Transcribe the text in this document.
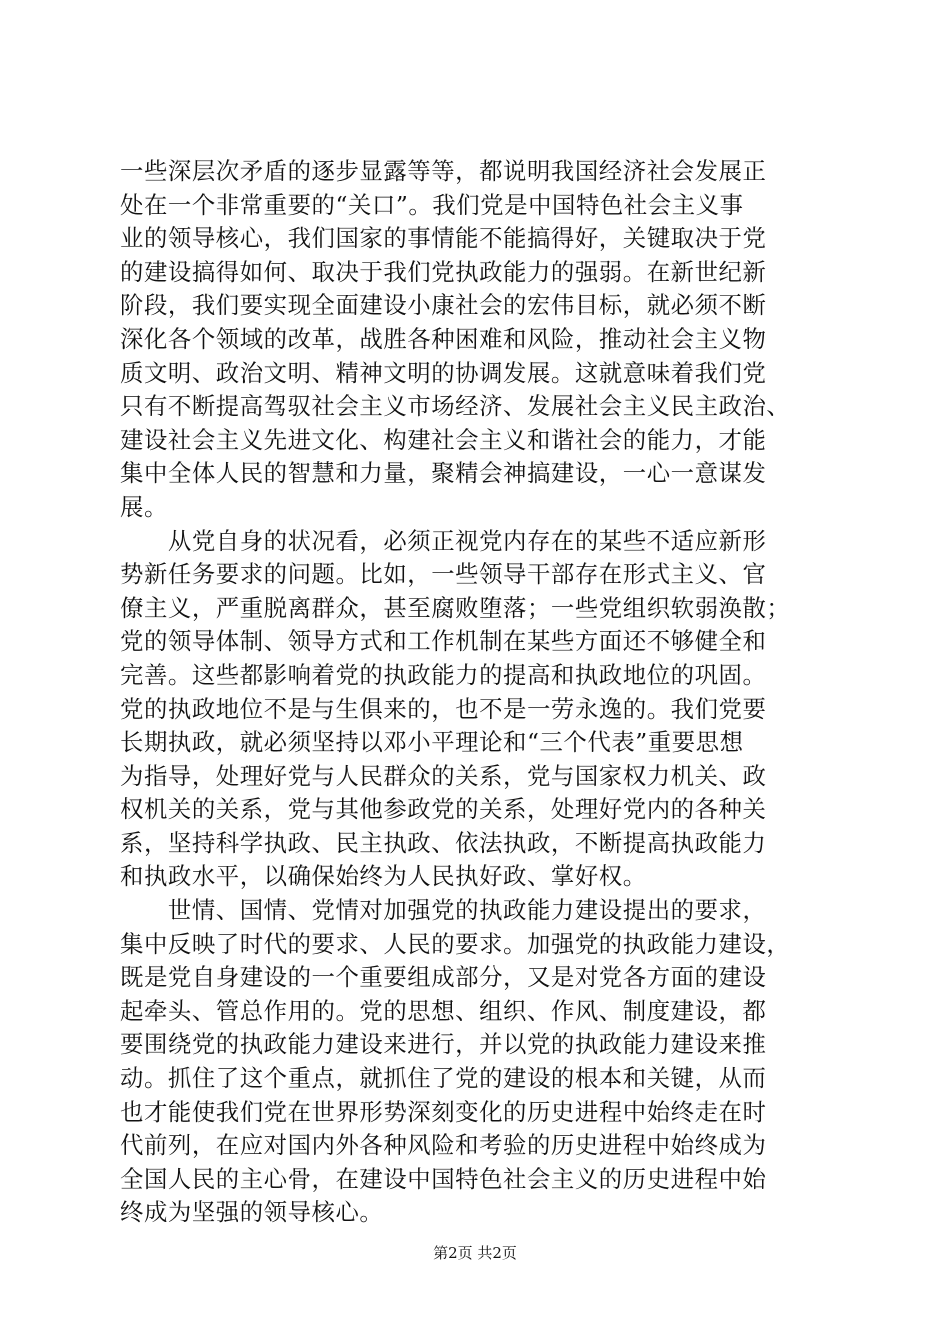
一些深层次矛盾的逐步显露等等，都说明我国经济社会发展正
处在一个非常重要的“关口”。我们党是中国特色社会主义事
业的领导核心，我们国家的事情能不能搞得好，关键取决于党
的建设搞得如何、取决于我们党执政能力的强弱。在新世纪新
阶段，我们要实现全面建设小康社会的宏伟目标，就必须不断
深化各个领域的改革，战胜各种困难和风险，推动社会主义物
质文明、政治文明、精神文明的协调发展。这就意味着我们党
只有不断提高驾驭社会主义市场经济、发展社会主义民主政治、
建设社会主义先进文化、构建社会主义和谐社会的能力，才能
集中全体人民的智慧和力量，聚精会神搞建设，一心一意谋发
展。
　　从党自身的状况看，必须正视党内存在的某些不适应新形
势新任务要求的问题。比如，一些领导干部存在形式主义、官
僚主义，严重脱离群众，甚至腐败堕落；一些党组织软弱涣散；
党的领导体制、领导方式和工作机制在某些方面还不够健全和
完善。这些都影响着党的执政能力的提高和执政地位的巩固。
党的执政地位不是与生俱来的，也不是一劳永逸的。我们党要
长期执政，就必须坚持以邓小平理论和“三个代表”重要思想
为指导，处理好党与人民群众的关系，党与国家权力机关、政
权机关的关系，党与其他参政党的关系，处理好党内的各种关
系，坚持科学执政、民主执政、依法执政，不断提高执政能力
和执政水平，以确保始终为人民执好政、掌好权。
　　世情、国情、党情对加强党的执政能力建设提出的要求，
集中反映了时代的要求、人民的要求。加强党的执政能力建设，
既是党自身建设的一个重要组成部分，又是对党各方面的建设
起牵头、管总作用的。党的思想、组织、作风、制度建设，都
要围绕党的执政能力建设来进行，并以党的执政能力建设来推
动。抓住了这个重点，就抓住了党的建设的根本和关键，从而
也才能使我们党在世界形势深刻变化的历史进程中始终走在时
代前列，在应对国内外各种风险和考验的历史进程中始终成为
全国人民的主心骨，在建设中国特色社会主义的历史进程中始
终成为坚强的领导核心。
第2页 共2页
